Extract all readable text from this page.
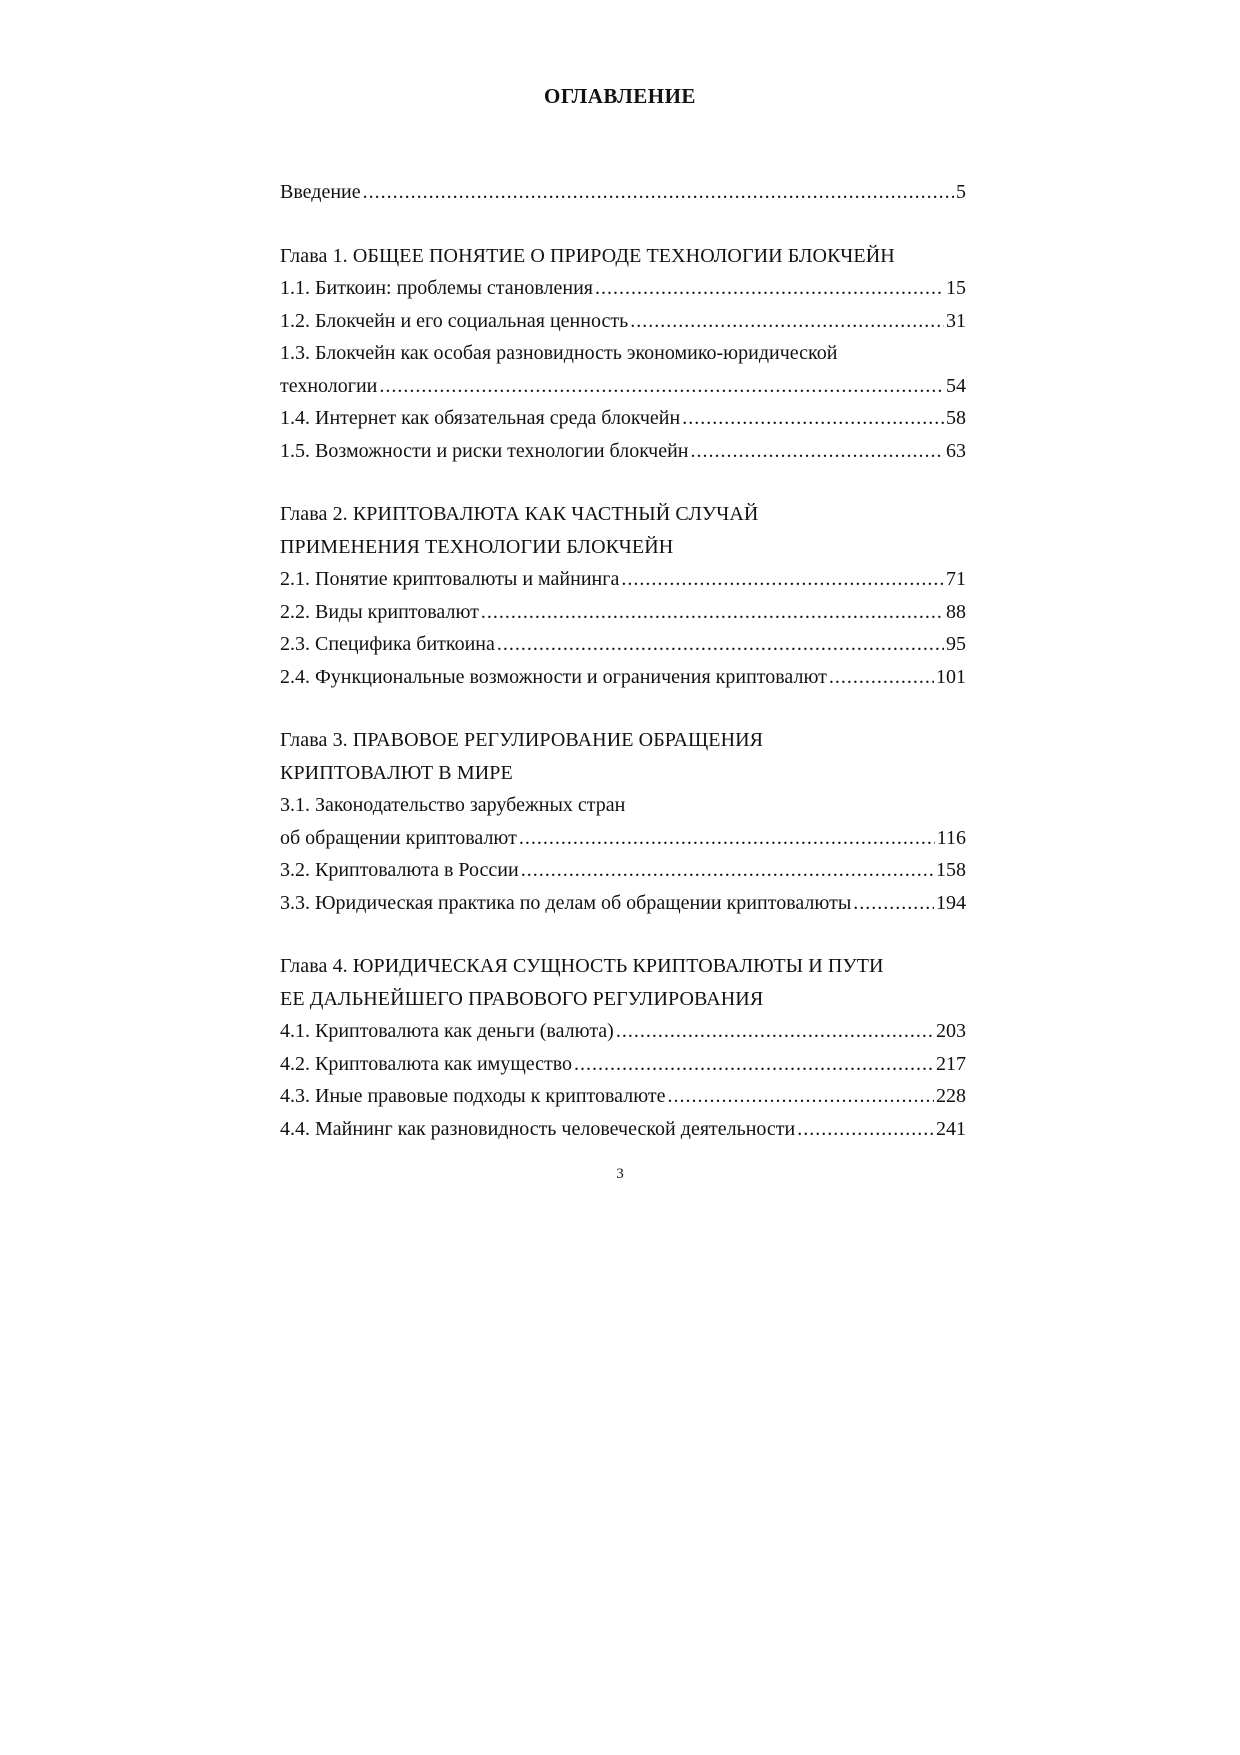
ОГЛАВЛЕНИЕ
Введение .....	5
Глава 1. ОБЩЕЕ ПОНЯТИЕ О ПРИРОДЕ ТЕХНОЛОГИИ БЛОКЧЕЙН
1.1. Биткоин: проблемы становления .....	15
1.2. Блокчейн и его социальная ценность .....	31
1.3. Блокчейн как особая разновидность экономико-юридической
технологии .....	54
1.4. Интернет как обязательная среда блокчейн .....	58
1.5. Возможности и риски технологии блокчейн .....	63
Глава 2. КРИПТОВАЛЮТА КАК ЧАСТНЫЙ СЛУЧАЙ
ПРИМЕНЕНИЯ ТЕХНОЛОГИИ БЛОКЧЕЙН
2.1. Понятие криптовалюты и майнинга .....	71
2.2. Виды криптовалют .....	88
2.3. Специфика биткоина .....	95
2.4. Функциональные возможности и ограничения криптовалют .....	101
Глава 3. ПРАВОВОЕ РЕГУЛИРОВАНИЕ ОБРАЩЕНИЯ
КРИПТОВАЛЮТ В МИРЕ
3.1. Законодательство зарубежных стран
об обращении криптовалют .....	116
3.2. Криптовалюта в России .....	158
3.3. Юридическая практика по делам об обращении криптовалюты .....	194
Глава 4. ЮРИДИЧЕСКАЯ СУЩНОСТЬ КРИПТОВАЛЮТЫ И ПУТИ
ЕЕ ДАЛЬНЕЙШЕГО ПРАВОВОГО РЕГУЛИРОВАНИЯ
4.1. Криптовалюта как деньги (валюта) .....	203
4.2. Криптовалюта как имущество .....	217
4.3. Иные правовые подходы к криптовалюте .....	228
4.4. Майнинг как разновидность человеческой деятельности .....	241

3
